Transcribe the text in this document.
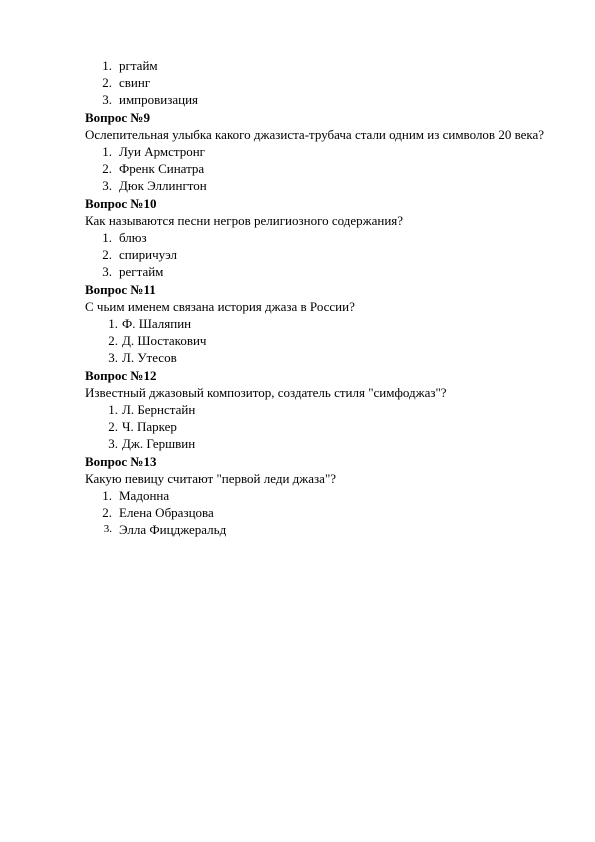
1. ргтайм
2. свинг
3. импровизация
Вопрос №9
Ослепительная улыбка какого джазиста-трубача стали одним из символов 20 века?
1. Луи Армстронг
2. Френк Синатра
3. Дюк Эллингтон
Вопрос №10
Как называются песни негров религиозного содержания?
1. блюз
2. спиричуэл
3. регтайм
Вопрос №11
С чьим именем связана история джаза в России?
1. Ф. Шаляпин
2. Д. Шостакович
3. Л. Утесов
Вопрос №12
Известный джазовый композитор, создатель стиля "симфоджаз"?
1. Л. Бернстайн
2. Ч. Паркер
3. Дж. Гершвин
Вопрос №13
Какую певицу считают "первой леди джаза"?
1. Мадонна
2. Елена Образцова
3. Элла Фицджеральд
